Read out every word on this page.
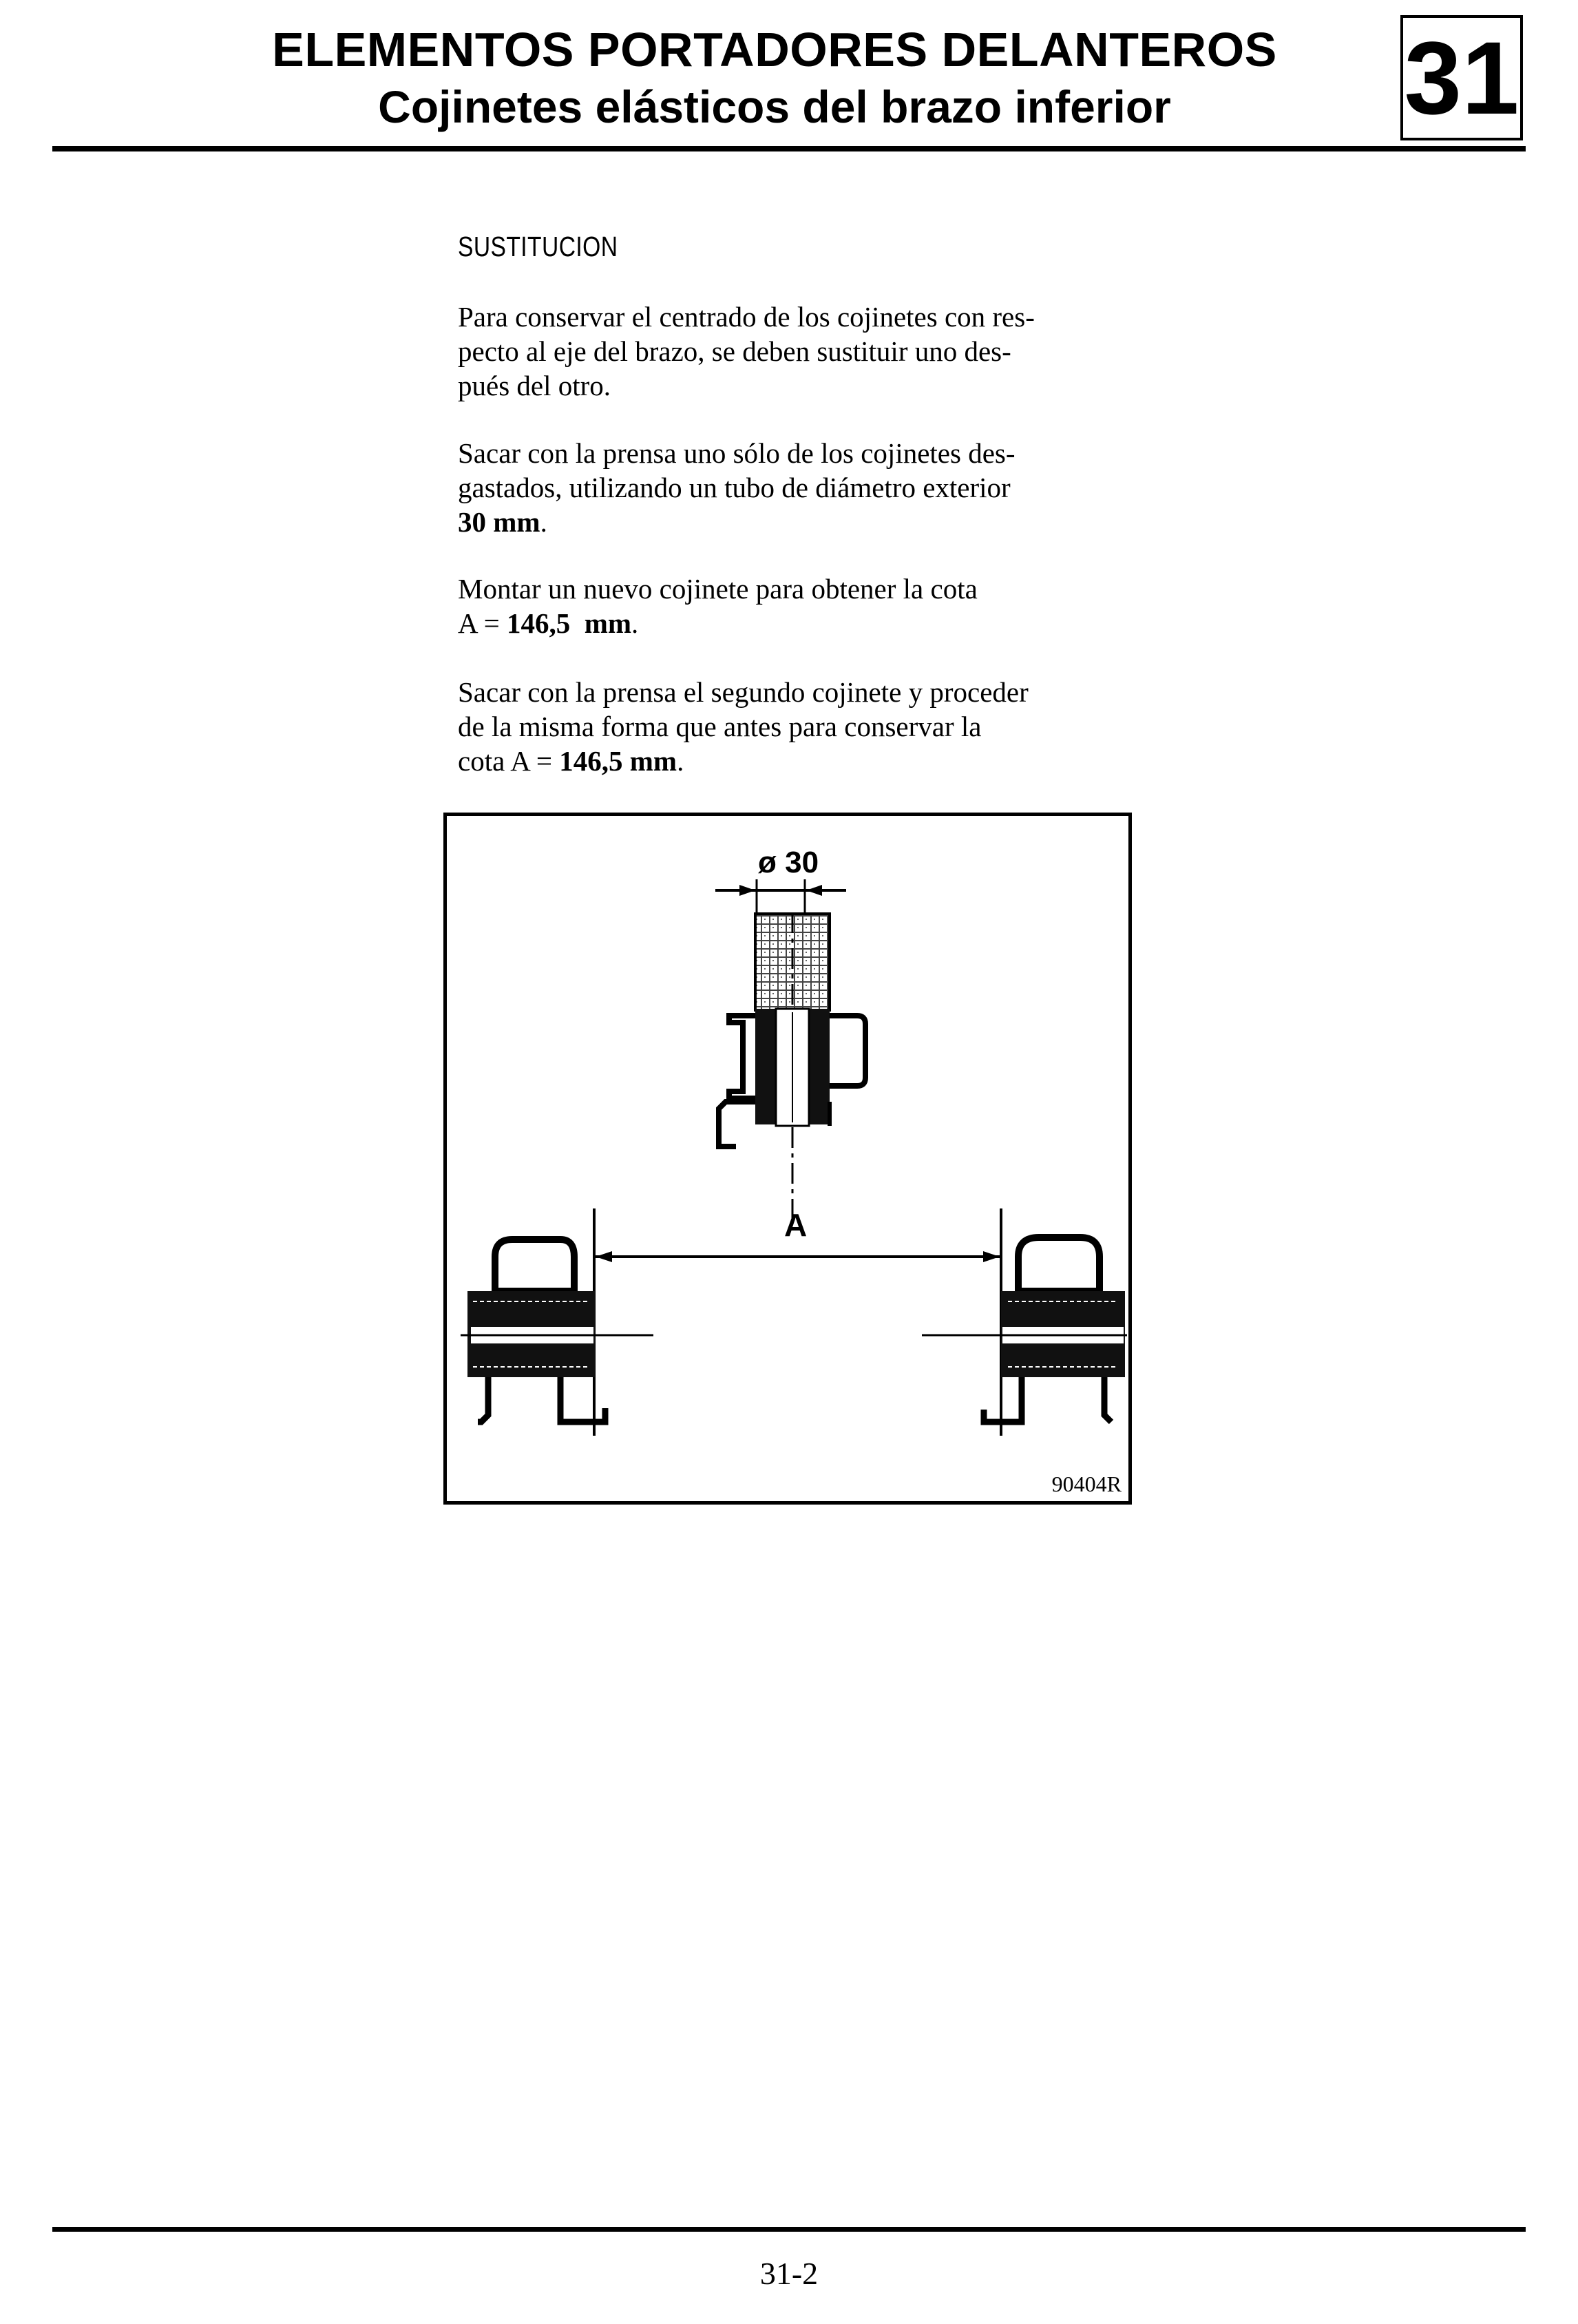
ELEMENTOS PORTADORES DELANTEROS
Cojinetes elásticos del brazo inferior	31
SUSTITUCION
Para conservar el centrado de los cojinetes con res-
pecto al eje del brazo, se deben sustituir uno des-
pués del otro.
Sacar con la prensa uno sólo de los cojinetes des-
gastados, utilizando un tubo de diámetro exterior
30 mm.
Montar un nuevo cojinete para obtener la cota
A = 146,5  mm.
Sacar con la prensa el segundo cojinete y proceder
de la misma forma que antes para conservar la
cota A = 146,5 mm.
ø 30
A
90404R
31-2
